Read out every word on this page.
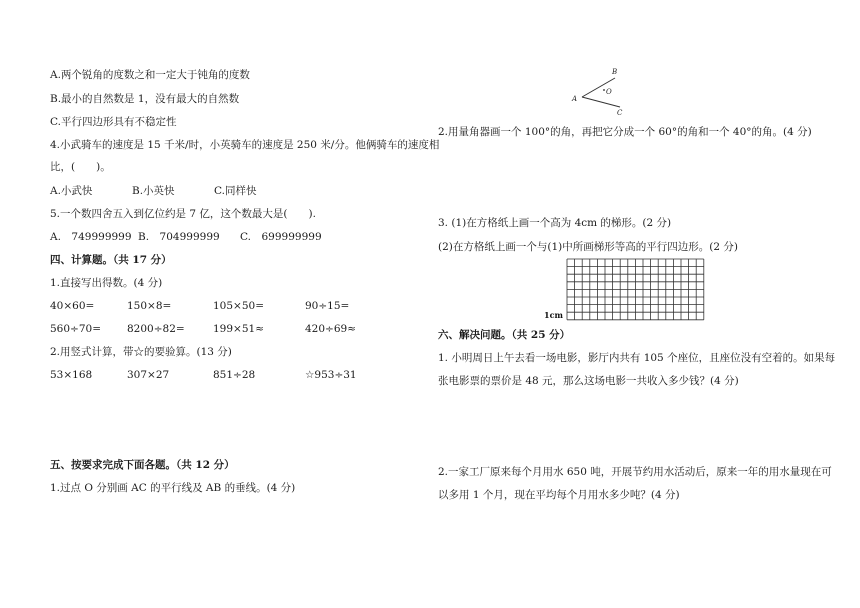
A.两个锐角的度数之和一定大于钝角的度数
B.最小的自然数是 1，没有最大的自然数
C.平行四边形具有不稳定性
4.小武骑车的速度是 15 千米/时，小英骑车的速度是 250 米/分。他俩骑车的速度相
比，(　　)。
A.小武快	B.小英快	C.同样快
5.一个数四舍五入到亿位约是 7 亿，这个数最大是(　　).
A.　749999999 B.　704999999 C.　699999999
四、计算题。（共 17 分）
1.直接写出得数。(4 分)
40×60=	150×8=	105×50=	90÷15=
560÷70= 8200÷82=	199×51≈	420÷69≈
2.用竖式计算，带☆的要验算。(13 分)
53×168	307×27	851÷28	☆953÷31
五、按要求完成下面各题。（共 12 分）
1.过点 O 分别画 AC 的平行线及 AB 的垂线。(4 分)
A
B
C
O
2.用量角器画一个 100°的角，再把它分成一个 60°的角和一个 40°的角。(4 分)
3. (1)在方格纸上画一个高为 4cm 的梯形。(2 分)
(2)在方格纸上画一个与(1)中所画梯形等高的平行四边形。(2 分)
1cm
六、解决问题。（共 25 分）
1. 小明周日上午去看一场电影，影厅内共有 105 个座位，且座位没有空着的。如果每
张电影票的票价是 48 元，那么这场电影一共收入多少钱？(4 分)
2.一家工厂原来每个月用水 650 吨，开展节约用水活动后，原来一年的用水量现在可
以多用 1 个月，现在平均每个月用水多少吨？(4 分)
